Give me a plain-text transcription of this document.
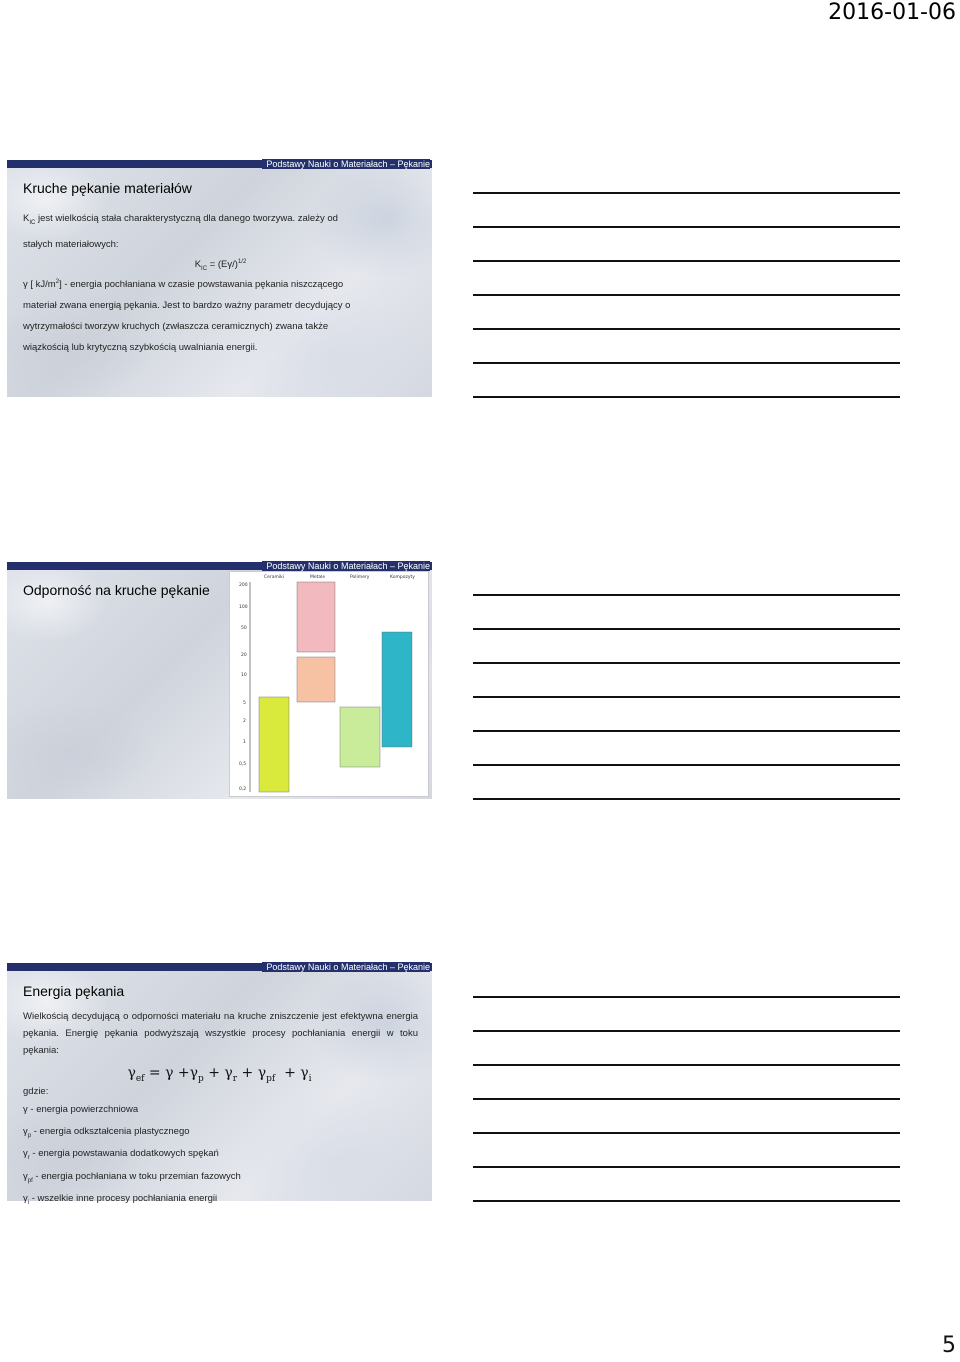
2016-01-06
Podstawy Nauki o Materiałach – Pękanie
Kruche pękanie materiałów
$K_{IC}$ jest wielkością stała charakterystyczną dla danego tworzywa. zależy od
stałych materiałowych:
$K_{IC} = (E\gamma/)^{1/2}$
γ [ $kJ/m^2$] - energia pochłaniana w czasie powstawania pękania niszczącego
materiał zwana energią pękania. Jest to bardzo ważny parametr decydujący o
wytrzymałości tworzyw kruchych (zwłaszcza ceramicznych) zwana także
wiązkością lub krytyczną szybkością uwalniania energii.
Podstawy Nauki o Materiałach – Pękanie
Odporność na kruche pękanie
Ceramiki	Metale	Polimery	Kompozyty
200
100
50
20
10
5
2
1
0,5
0,2
Podstawy Nauki o Materiałach – Pękanie
Energia pękania
Wielkością decydującą o odporności materiału na kruche zniszczenie jest efektywna energia pękania. Energię pękania podwyższają wszystkie procesy pochłaniania energii w toku pękania:
$\gamma_{ef} = \gamma +\gamma_p + \gamma_r + \gamma_{pf} + \gamma_i$
gdzie:
γ - energia powierzchniowa
$\gamma_p$ - energia odkształcenia plastycznego
$\gamma_r$ - energia powstawania dodatkowych spękań
$\gamma_{pf}$ - energia pochłaniana w toku przemian fazowych
$\gamma_i$ - wszelkie inne procesy pochłaniania energii
5
